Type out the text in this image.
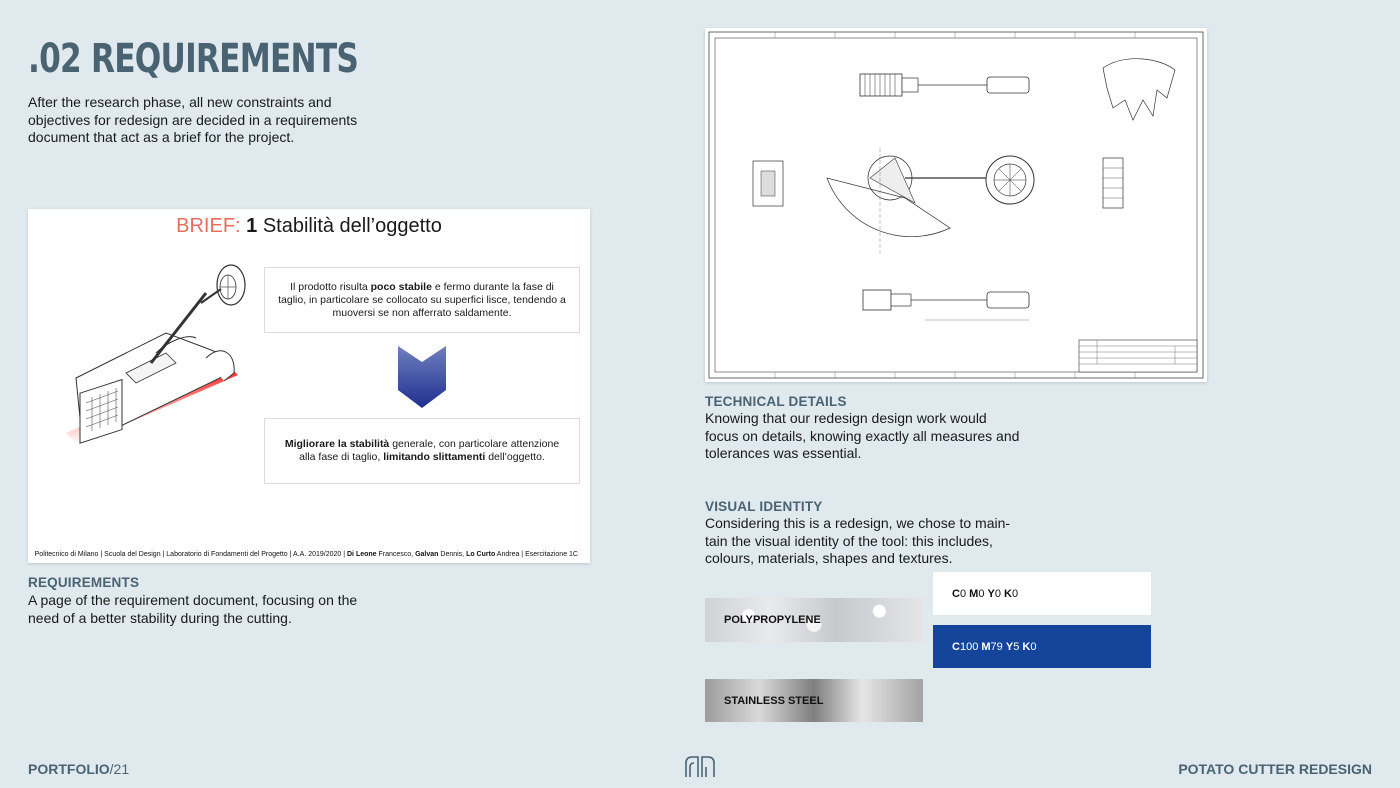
.02 REQUIREMENTS
After the research phase, all new constraints and objectives for redesign are decided in a requirements document that act as a brief for the project.
BRIEF: 1 Stabilità dell’oggetto

Il prodotto risulta poco stabile e fermo durante la fase di taglio, in particolare se collocato su superfici lisce, tendendo a muoversi se non afferrato saldamente.

Migliorare la stabilità generale, con particolare attenzione alla fase di taglio, limitando slittamenti dell’oggetto.

Politecnico di Milano | Scuola del Design | Laboratorio di Fondamenti del Progetto | A.A. 2019/2020 | Di Leone Francesco, Galvan Dennis, Lo Curto Andrea | Esercitazione 1C
REQUIREMENTS
A page of the requirement document, focusing on the need of a better stability during the cutting.
TECHNICAL DETAILS
Knowing that our redesign design work would focus on details, knowing exactly all measures and tolerances was essential.
VISUAL IDENTITY
Considering this is a redesign, we chose to main-tain the visual identity of the tool: this includes, colours, materials, shapes and textures.
POLYPROPYLENE
STAINLESS STEEL
C0 M0 Y0 K0
C100 M79 Y5 K0
PORTFOLIO/21	POTATO CUTTER REDESIGN
